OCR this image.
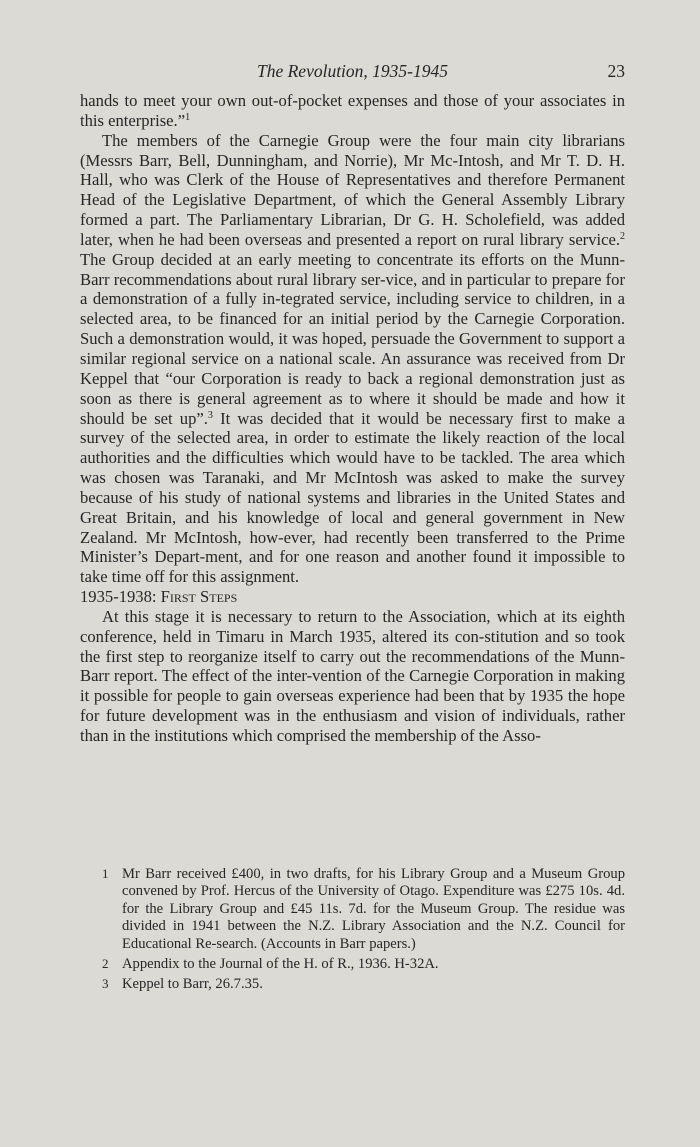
The Revolution, 1935-1945	23

hands to meet your own out-of-pocket expenses and those of your associates in this enterprise.”$^1$

The members of the Carnegie Group were the four main city librarians (Messrs Barr, Bell, Dunningham, and Norrie), Mr Mc-Intosh, and Mr T. D. H. Hall, who was Clerk of the House of Representatives and therefore Permanent Head of the Legislative Department, of which the General Assembly Library formed a part. The Parliamentary Librarian, Dr G. H. Scholefield, was added later, when he had been overseas and presented a report on rural library service.$^2$ The Group decided at an early meeting to concentrate its efforts on the Munn-Barr recommendations about rural library ser-vice, and in particular to prepare for a demonstration of a fully in-tegrated service, including service to children, in a selected area, to be financed for an initial period by the Carnegie Corporation. Such a demonstration would, it was hoped, persuade the Government to support a similar regional service on a national scale. An assurance was received from Dr Keppel that “our Corporation is ready to back a regional demonstration just as soon as there is general agreement as to where it should be made and how it should be set up”.$^3$ It was decided that it would be necessary first to make a survey of the selected area, in order to estimate the likely reaction of the local authorities and the difficulties which would have to be tackled. The area which was chosen was Taranaki, and Mr McIntosh was asked to make the survey because of his study of national systems and libraries in the United States and Great Britain, and his knowledge of local and general government in New Zealand. Mr McIntosh, how-ever, had recently been transferred to the Prime Minister’s Depart-ment, and for one reason and another found it impossible to take time off for this assignment.

1935-1938: First Steps

At this stage it is necessary to return to the Association, which at its eighth conference, held in Timaru in March 1935, altered its con-stitution and so took the first step to reorganize itself to carry out the recommendations of the Munn-Barr report. The effect of the inter-vention of the Carnegie Corporation in making it possible for people to gain overseas experience had been that by 1935 the hope for future development was in the enthusiasm and vision of individuals, rather than in the institutions which comprised the membership of the Asso-

1 Mr Barr received £400, in two drafts, for his Library Group and a Museum Group convened by Prof. Hercus of the University of Otago. Expenditure was £275 10s. 4d. for the Library Group and £45 11s. 7d. for the Museum Group. The residue was divided in 1941 between the N.Z. Library Association and the N.Z. Council for Educational Re-search. (Accounts in Barr papers.)

2 Appendix to the Journal of the H. of R., 1936. H-32A.

3 Keppel to Barr, 26.7.35.
